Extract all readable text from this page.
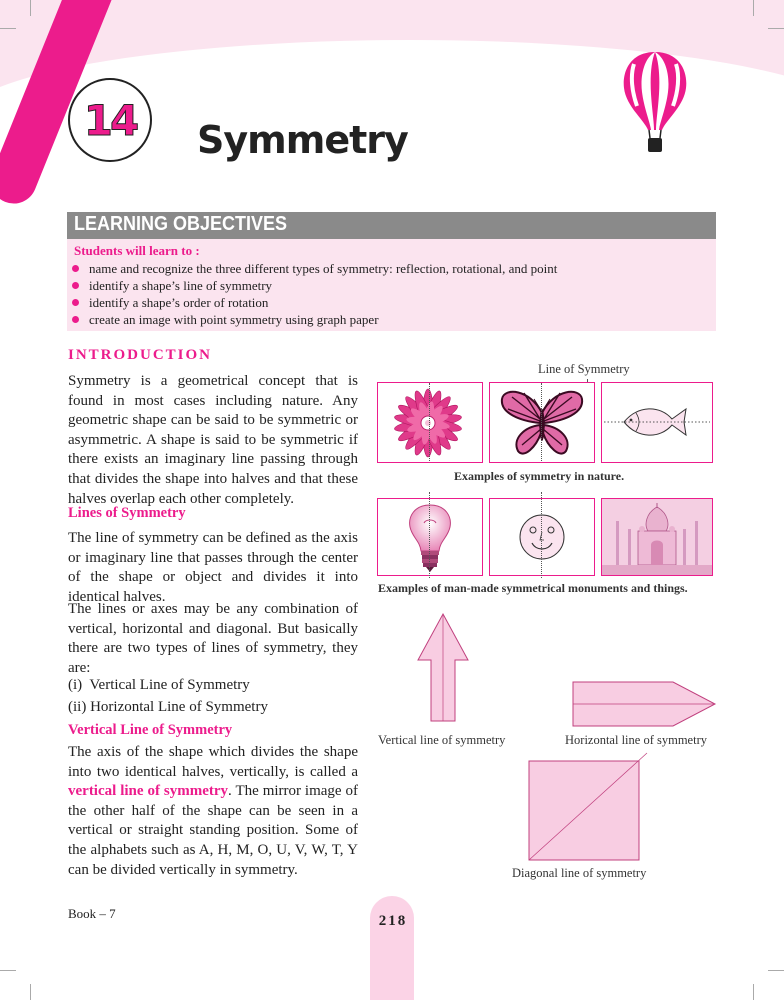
14 Symmetry
LEARNING OBJECTIVES
Students will learn to :
name and recognize the three different types of symmetry: reflection, rotational, and point
identify a shape’s line of symmetry
identify a shape’s order of rotation
create an image with point symmetry using graph paper
INTRODUCTION
Symmetry is a geometrical concept that is found in most cases including nature. Any geometric shape can be said to be symmetric or asymmetric. A shape is said to be symmetric if there exists an imaginary line passing through that divides the shape into halves and that these halves overlap each other completely.
Lines of Symmetry
The line of symmetry can be defined as the axis or imaginary line that passes through the center of the shape or object and divides it into identical halves.
The lines or axes may be any combination of vertical, horizontal and diagonal. But basically there are two types of lines of symmetry, they are:
(i)  Vertical Line of Symmetry
(ii) Horizontal Line of Symmetry
Vertical Line of Symmetry
The axis of the shape which divides the shape into two identical halves, vertically, is called a vertical line of symmetry. The mirror image of the other half of the shape can be seen in a vertical or straight standing position. Some of the alphabets such as A, H, M, O, U, V, W, T, Y can be divided vertically in symmetry.
Line of Symmetry
Examples of symmetry in nature.
Examples of man-made symmetrical monuments and things.
Vertical line of symmetry	Horizontal line of symmetry
Diagonal line of symmetry
Book – 7	218
